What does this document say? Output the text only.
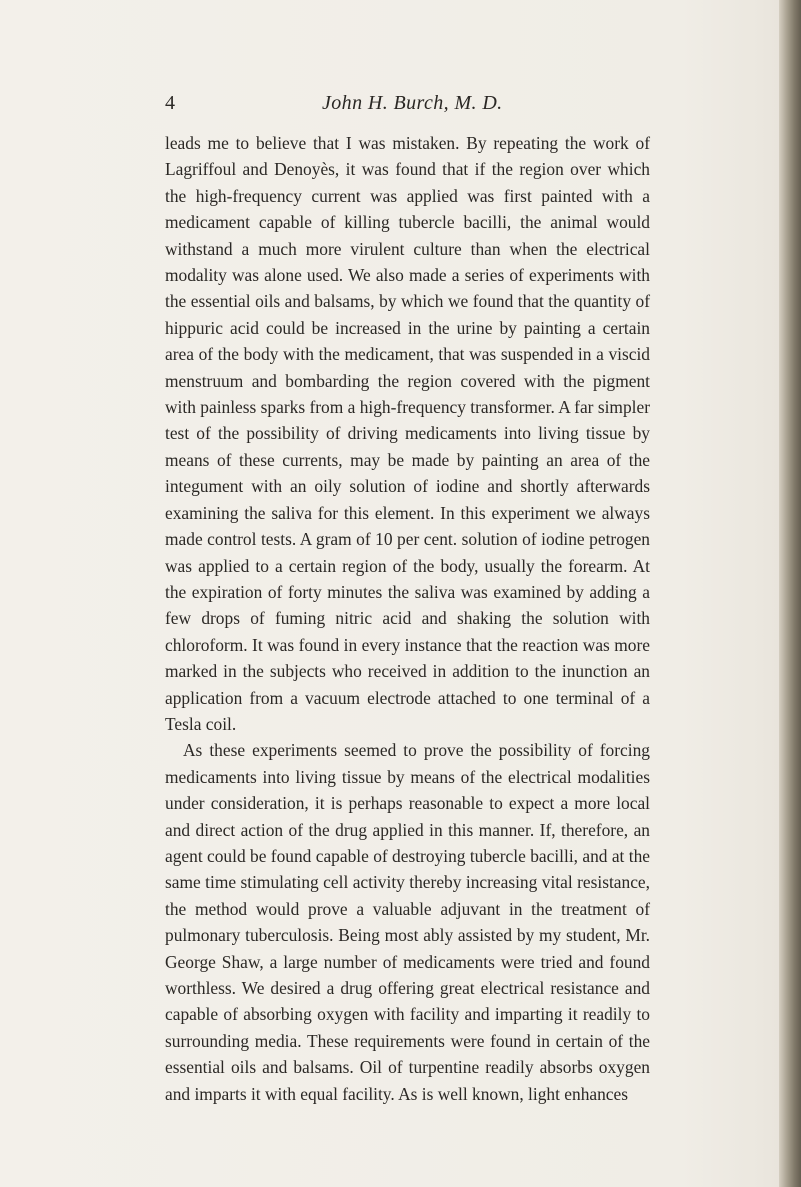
4	John H. Burch, M. D.

leads me to believe that I was mistaken. By repeating the work of Lagriffoul and Denoyès, it was found that if the region over which the high-frequency current was applied was first painted with a medicament capable of killing tubercle bacilli, the animal would withstand a much more virulent culture than when the electrical modality was alone used. We also made a series of experiments with the essential oils and balsams, by which we found that the quantity of hippuric acid could be increased in the urine by painting a certain area of the body with the medicament, that was suspended in a viscid menstruum and bombarding the region covered with the pigment with painless sparks from a high-frequency transformer. A far simpler test of the possibility of driving medicaments into living tissue by means of these currents, may be made by painting an area of the integument with an oily solution of iodine and shortly afterwards examining the saliva for this element. In this experiment we always made control tests. A gram of 10 per cent. solution of iodine petrogen was applied to a certain region of the body, usually the forearm. At the expiration of forty minutes the saliva was examined by adding a few drops of fuming nitric acid and shaking the solution with chloroform. It was found in every instance that the reaction was more marked in the subjects who received in addition to the inunction an application from a vacuum electrode attached to one terminal of a Tesla coil.

As these experiments seemed to prove the possibility of forcing medicaments into living tissue by means of the electrical modalities under consideration, it is perhaps reasonable to expect a more local and direct action of the drug applied in this manner. If, therefore, an agent could be found capable of destroying tubercle bacilli, and at the same time stimulating cell activity thereby increasing vital resistance, the method would prove a valuable adjuvant in the treatment of pulmonary tuberculosis. Being most ably assisted by my student, Mr. George Shaw, a large number of medicaments were tried and found worthless. We desired a drug offering great electrical resistance and capable of absorbing oxygen with facility and imparting it readily to surrounding media. These requirements were found in certain of the essential oils and balsams. Oil of turpentine readily absorbs oxygen and imparts it with equal facility. As is well known, light enhances
